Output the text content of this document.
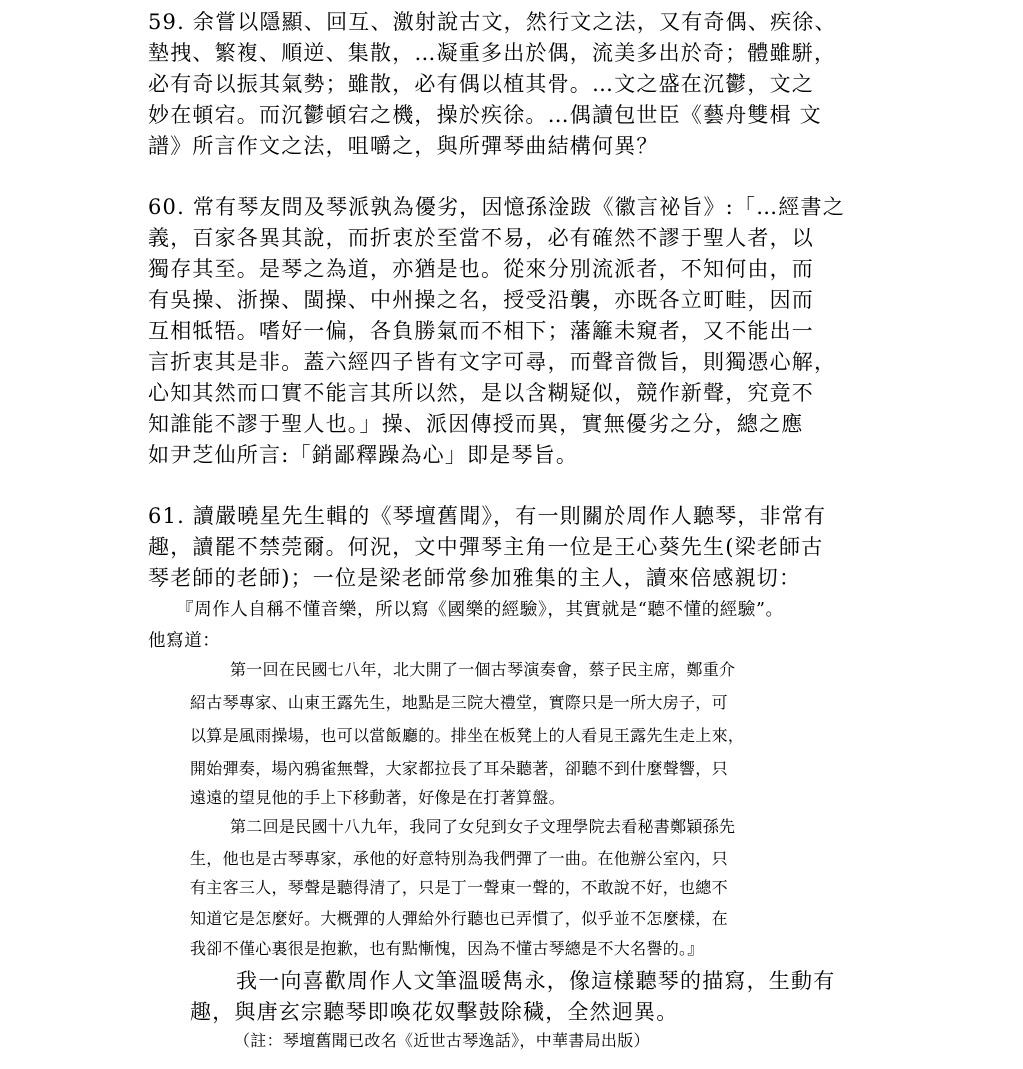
59. 余嘗以隱顯、回互、激射說古文，然行文之法，又有奇偶、疾徐、
墊拽、繁複、順逆、集散，…凝重多出於偶，流美多出於奇；體雖駢，
必有奇以振其氣勢；雖散，必有偶以植其骨。…文之盛在沉鬱，文之
妙在頓宕。而沉鬱頓宕之機，操於疾徐。…偶讀包世臣《藝舟雙楫 文
譜》所言作文之法，咀嚼之，與所彈琴曲結構何異？
60. 常有琴友問及琴派孰為優劣，因憶孫淦跋《徽言祕旨》:「…經書之
義，百家各異其說，而折衷於至當不易，必有確然不謬于聖人者，以
獨存其至。是琴之為道，亦猶是也。從來分別流派者，不知何由，而
有吳操、浙操、閩操、中州操之名，授受沿襲，亦既各立町畦，因而
互相牴牾。嗜好一偏，各負勝氣而不相下；藩籬未窺者，又不能出一
言折衷其是非。蓋六經四子皆有文字可尋，而聲音微旨，則獨憑心解，
心知其然而口實不能言其所以然，是以含糊疑似，競作新聲，究竟不
知誰能不謬于聖人也。」操、派因傳授而異，實無優劣之分，總之應
如尹芝仙所言:「銷鄙釋躁為心」即是琴旨。
61. 讀嚴曉星先生輯的《琴壇舊聞》，有一則關於周作人聽琴，非常有
趣，讀罷不禁莞爾。何況，文中彈琴主角一位是王心葵先生(梁老師古
琴老師的老師)；一位是梁老師常參加雅集的主人，讀來倍感親切：
『周作人自稱不懂音樂，所以寫《國樂的經驗》，其實就是“聽不懂的經驗”。
他寫道：
第一回在民國七八年，北大開了一個古琴演奏會，蔡子民主席，鄭重介
紹古琴專家、山東王露先生，地點是三院大禮堂，實際只是一所大房子，可
以算是風雨操場，也可以當飯廳的。排坐在板凳上的人看見王露先生走上來，
開始彈奏，場內鴉雀無聲，大家都拉長了耳朵聽著，卻聽不到什麼聲響，只
遠遠的望見他的手上下移動著，好像是在打著算盤。
第二回是民國十八九年，我同了女兒到女子文理學院去看秘書鄭穎孫先
生，他也是古琴專家，承他的好意特別為我們彈了一曲。在他辦公室內，只
有主客三人，琴聲是聽得清了，只是丁一聲東一聲的，不敢說不好，也總不
知道它是怎麼好。大概彈的人彈給外行聽也已弄慣了，似乎並不怎麼樣，在
我卻不僅心裏很是抱歉，也有點慚愧，因為不懂古琴總是不大名譽的。』
我一向喜歡周作人文筆溫暖雋永，像這樣聽琴的描寫，生動有
趣，與唐玄宗聽琴即喚花奴擊鼓除穢，全然迥異。
（註：琴壇舊聞已改名《近世古琴逸話》，中華書局出版）
